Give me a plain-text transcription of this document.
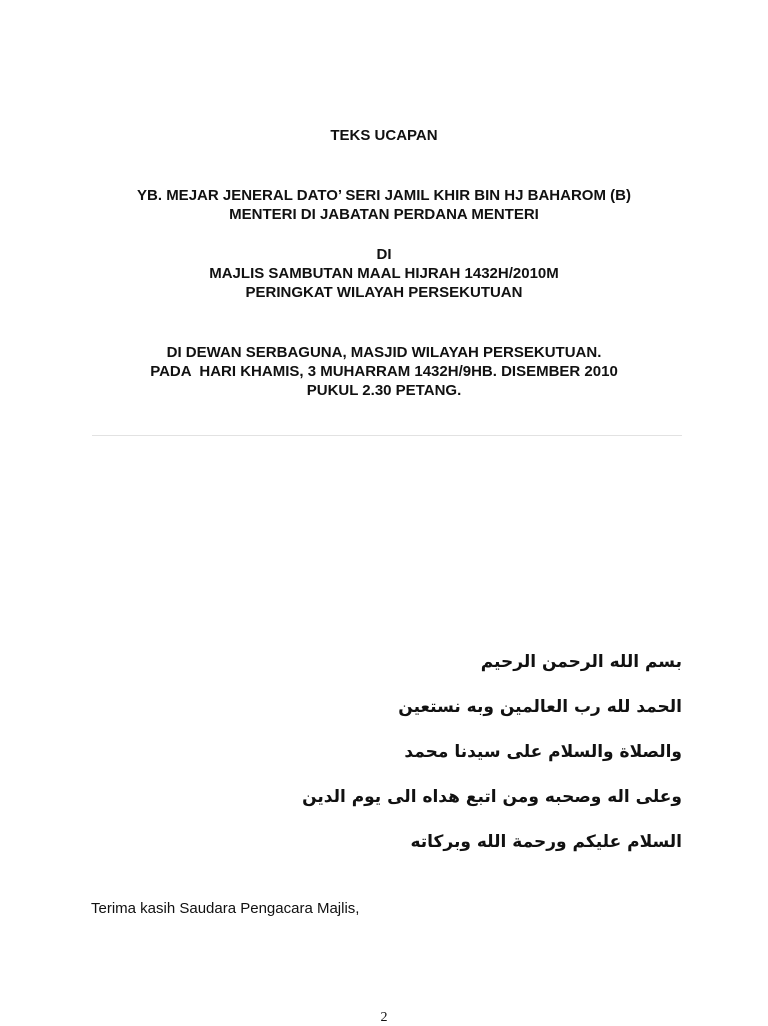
TEKS UCAPAN
YB. MEJAR JENERAL DATO’ SERI JAMIL KHIR BIN HJ BAHAROM (B)
MENTERI DI JABATAN PERDANA MENTERI
DI
MAJLIS SAMBUTAN MAAL HIJRAH 1432H/2010M
PERINGKAT WILAYAH PERSEKUTUAN
DI DEWAN SERBAGUNA, MASJID WILAYAH PERSEKUTUAN.
PADA  HARI KHAMIS, 3 MUHARRAM 1432H/9HB. DISEMBER 2010
PUKUL 2.30 PETANG.
بسم الله الرحمن الرحيم
الحمد لله رب العالمين وبه نستعين
والصلاة والسلام على سيدنا محمد
وعلى اله وصحبه ومن اتبع هداه الى يوم الدين
السلام عليكم ورحمة الله وبركاته
Terima kasih Saudara Pengacara Majlis,
2
